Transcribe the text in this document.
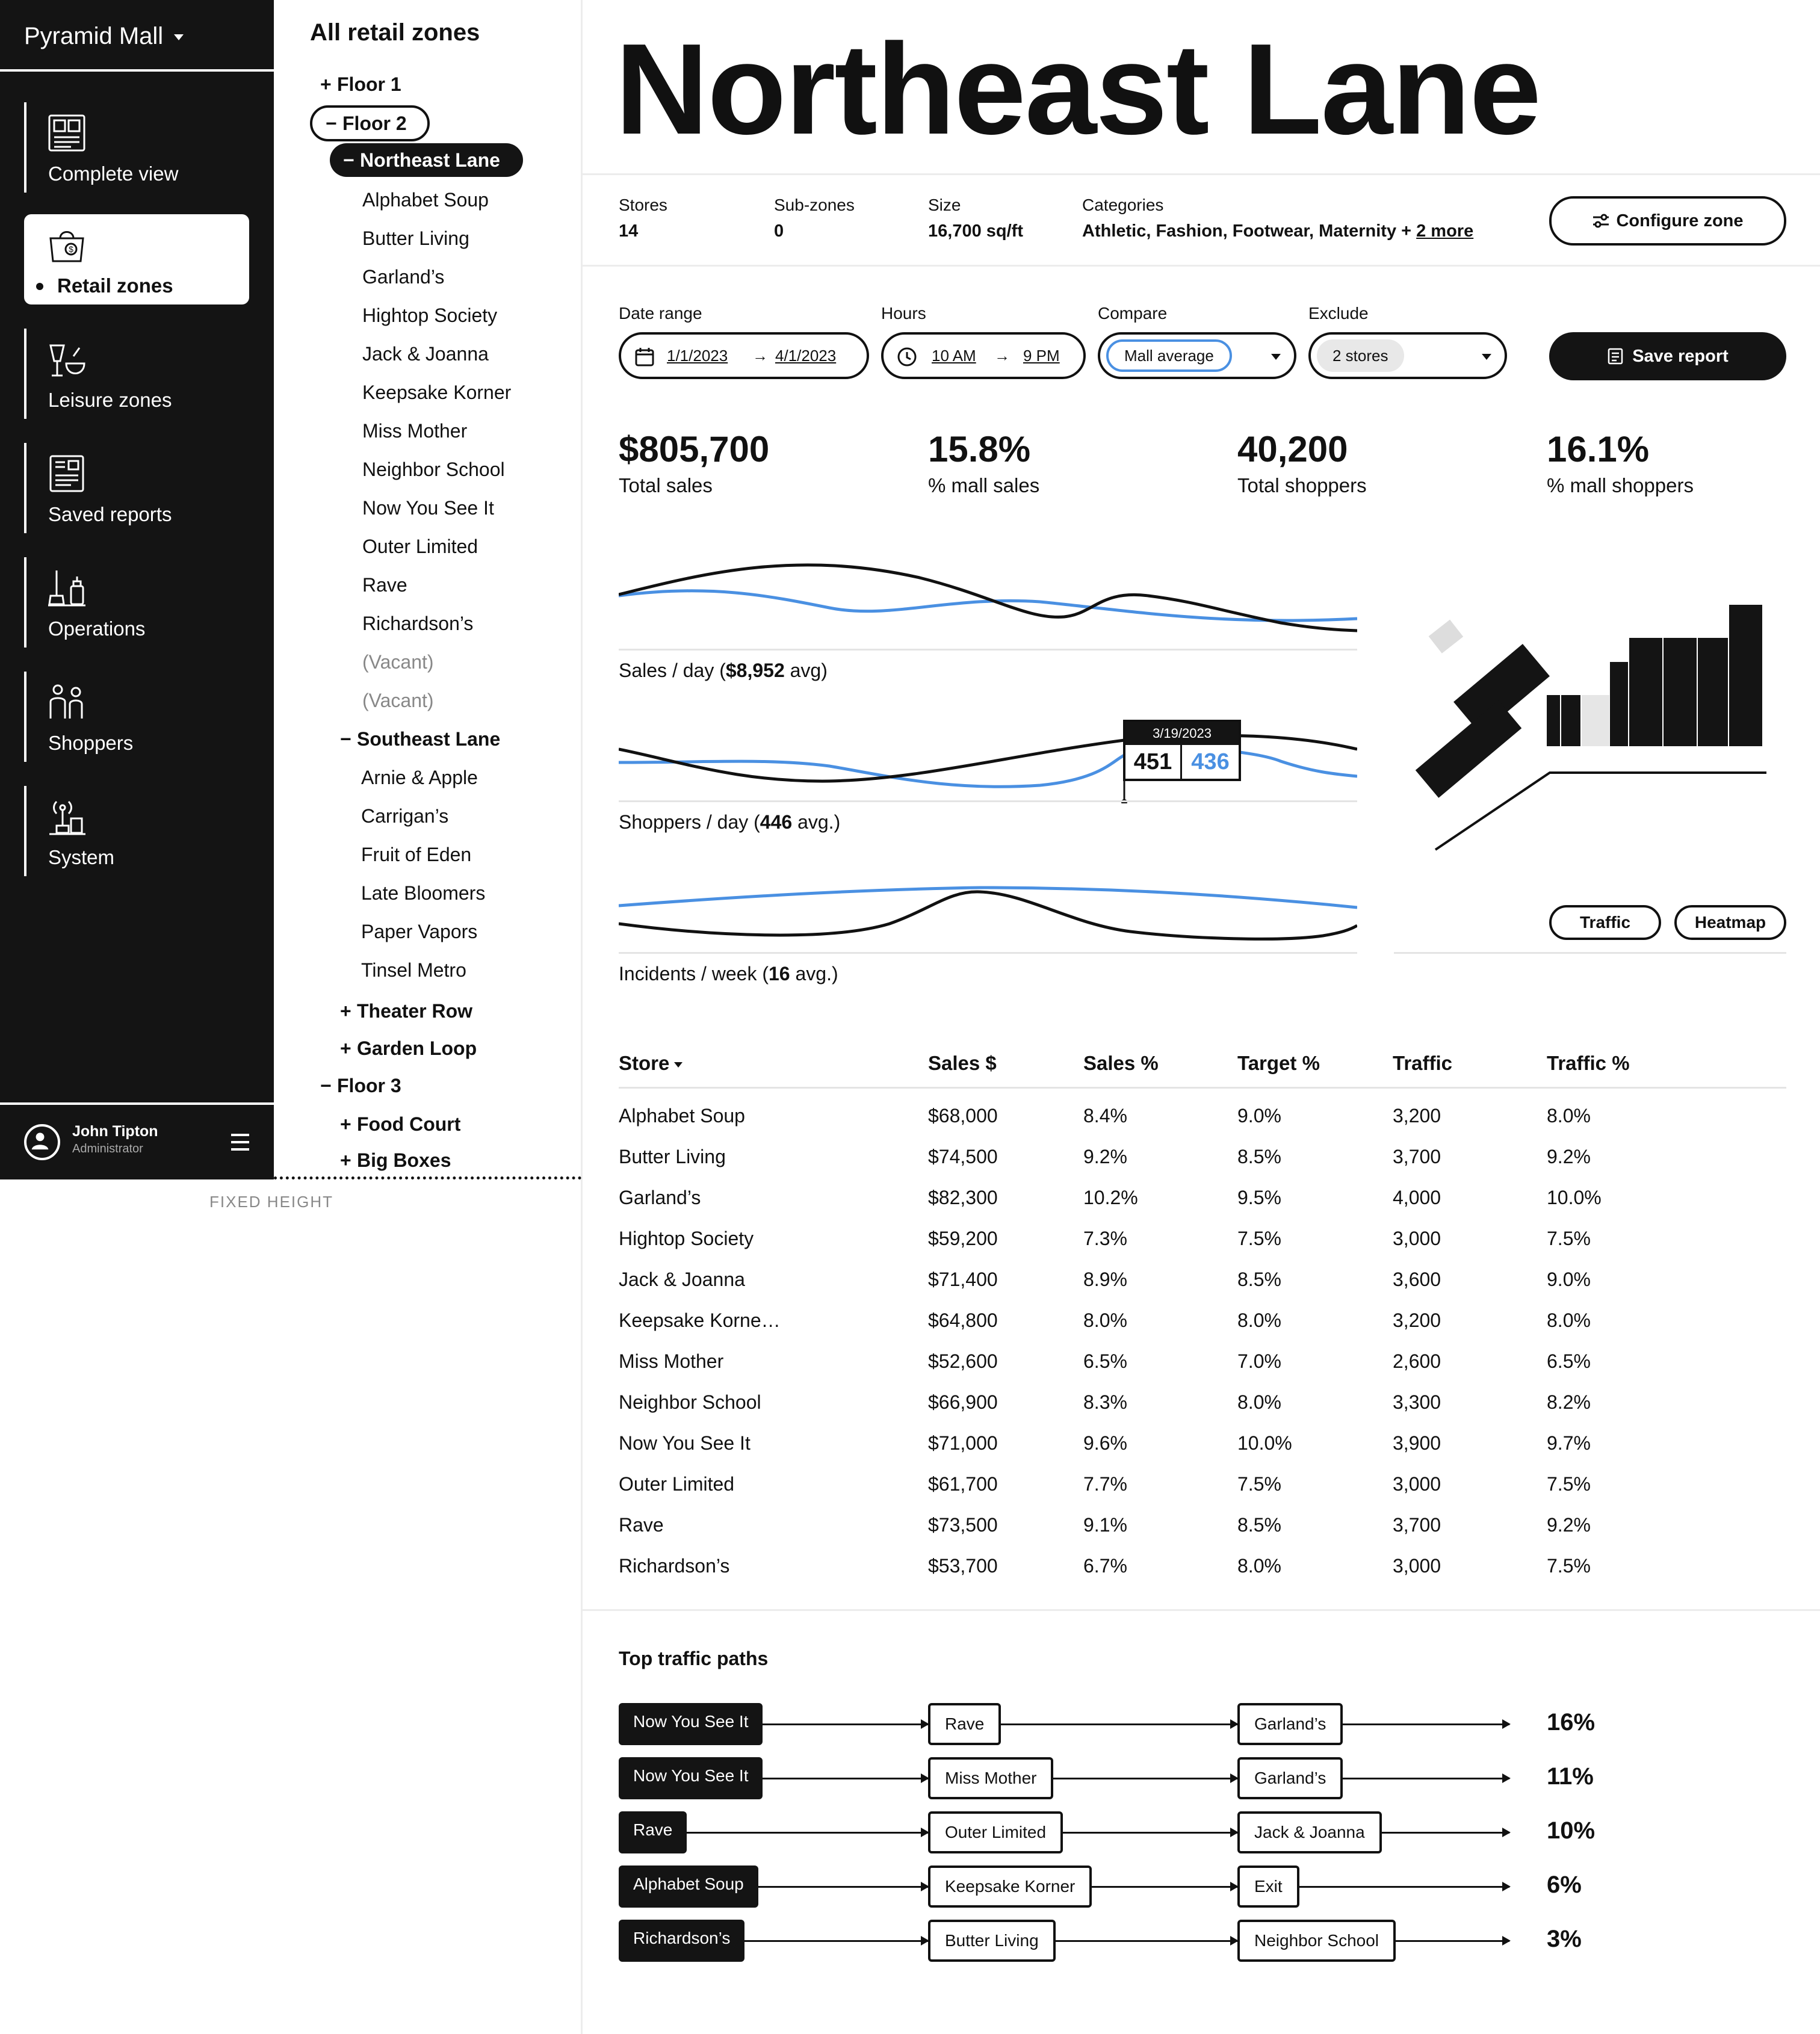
Pyramid Mall
Complete view
$
Retail zones
Leisure zones
Saved reports
Operations
Shoppers
System
John Tipton
Administrator
All retail zones
+ Floor 1
− Floor 2
− Northeast Lane
Alphabet Soup
Butter Living
Garland’s
Hightop Society
Jack & Joanna
Keepsake Korner
Miss Mother
Neighbor School
Now You See It
Outer Limited
Rave
Richardson’s
(Vacant)
(Vacant)
− Southeast Lane
Arnie & Apple
Carrigan’s
Fruit of Eden
Late Bloomers
Paper Vapors
Tinsel Metro
+ Theater Row
+ Garden Loop
− Floor 3
+ Food Court
+ Big Boxes
FIXED HEIGHT
Northeast Lane
Stores
14
Sub-zones
0
Size
16,700 sq/ft
Categories
Athletic, Fashion, Footwear, Maternity + 2 more
Configure zone
Date range
1/1/2023 → 4/1/2023
Hours
10 AM → 9 PM
Compare
Mall average
Exclude
2 stores	Save report
$805,700
Total sales
15.8%
% mall sales
40,200
Total shoppers
16.1%
% mall shoppers
Sales / day ($8,952 avg)
3/19/2023
451 436
Shoppers / day (446 avg.)
Incidents / week (16 avg.)
Traffic	Heatmap
Store	Sales $	Sales %	Target %	Traffic	Traffic %
Alphabet Soup	$68,000	8.4%	9.0%	3,200	8.0%
Butter Living	$74,500	9.2%	8.5%	3,700	9.2%
Garland’s	$82,300	10.2%	9.5%	4,000	10.0%
Hightop Society	$59,200	7.3%	7.5%	3,000	7.5%
Jack & Joanna	$71,400	8.9%	8.5%	3,600	9.0%
Keepsake Korne…	$64,800	8.0%	8.0%	3,200	8.0%
Miss Mother	$52,600	6.5%	7.0%	2,600	6.5%
Neighbor School	$66,900	8.3%	8.0%	3,300	8.2%
Now You See It	$71,000	9.6%	10.0%	3,900	9.7%
Outer Limited	$61,700	7.7%	7.5%	3,000	7.5%
Rave	$73,500	9.1%	8.5%	3,700	9.2%
Richardson’s	$53,700	6.7%	8.0%	3,000	7.5%
Top traffic paths
Now You See It	Rave	Garland’s	16%
Now You See It	Miss Mother	Garland’s	11%
Rave	Outer Limited	Jack & Joanna	10%
Alphabet Soup	Keepsake Korner	Exit	6%
Richardson’s	Butter Living	Neighbor School	3%
